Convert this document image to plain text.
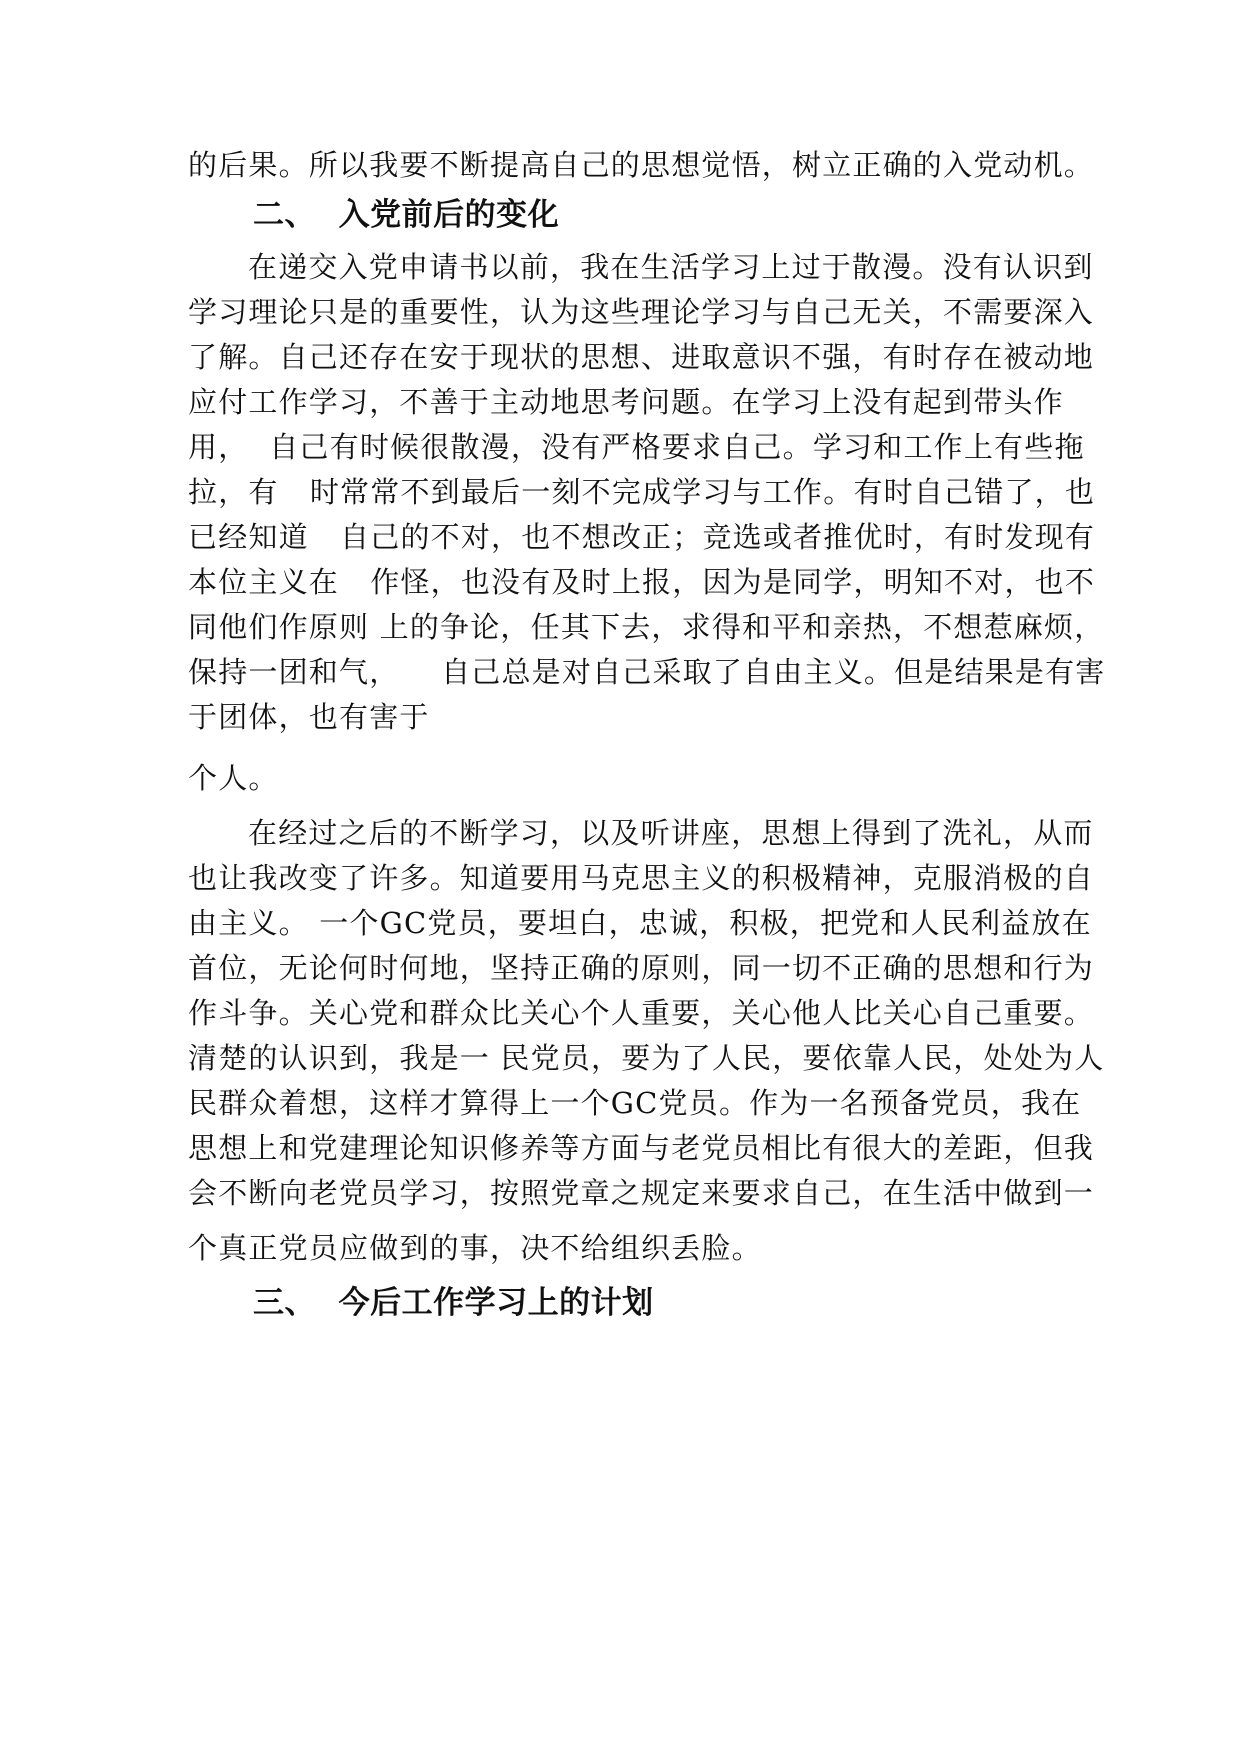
的后果。所以我要不断提高自己的思想觉悟，树立正确的入党动机。
二、  入党前后的变化
在递交入党申请书以前，我在生活学习上过于散漫。没有认识到
学习理论只是的重要性，认为这些理论学习与自己无关，不需要深入
了解。自己还存在安于现状的思想、进取意识不强，有时存在被动地
应付工作学习，不善于主动地思考问题。在学习上没有起到带头作
用，  自己有时候很散漫，没有严格要求自己。学习和工作上有些拖
拉，有   时常常不到最后一刻不完成学习与工作。有时自己错了，也
已经知道   自己的不对，也不想改正；竞选或者推优时，有时发现有
本位主义在   作怪，也没有及时上报，因为是同学，明知不对，也不
同他们作原则 上的争论，任其下去，求得和平和亲热，不想惹麻烦，
保持一团和气，    自己总是对自己采取了自由主义。但是结果是有害
于团体，也有害于
个人。
在经过之后的不断学习，以及听讲座，思想上得到了洗礼，从而
也让我改变了许多。知道要用马克思主义的积极精神，克服消极的自
由主义。 一个GC党员，要坦白，忠诚，积极，把党和人民利益放在
首位，无论何时何地，坚持正确的原则，同一切不正确的思想和行为
作斗争。关心党和群众比关心个人重要，关心他人比关心自己重要。
清楚的认识到，我是一 民党员，要为了人民，要依靠人民，处处为人
民群众着想，这样才算得上一个GC党员。作为一名预备党员，我在
思想上和党建理论知识修养等方面与老党员相比有很大的差距，但我
会不断向老党员学习，按照党章之规定来要求自己，在生活中做到一
个真正党员应做到的事，决不给组织丢脸。
三、  今后工作学习上的计划
